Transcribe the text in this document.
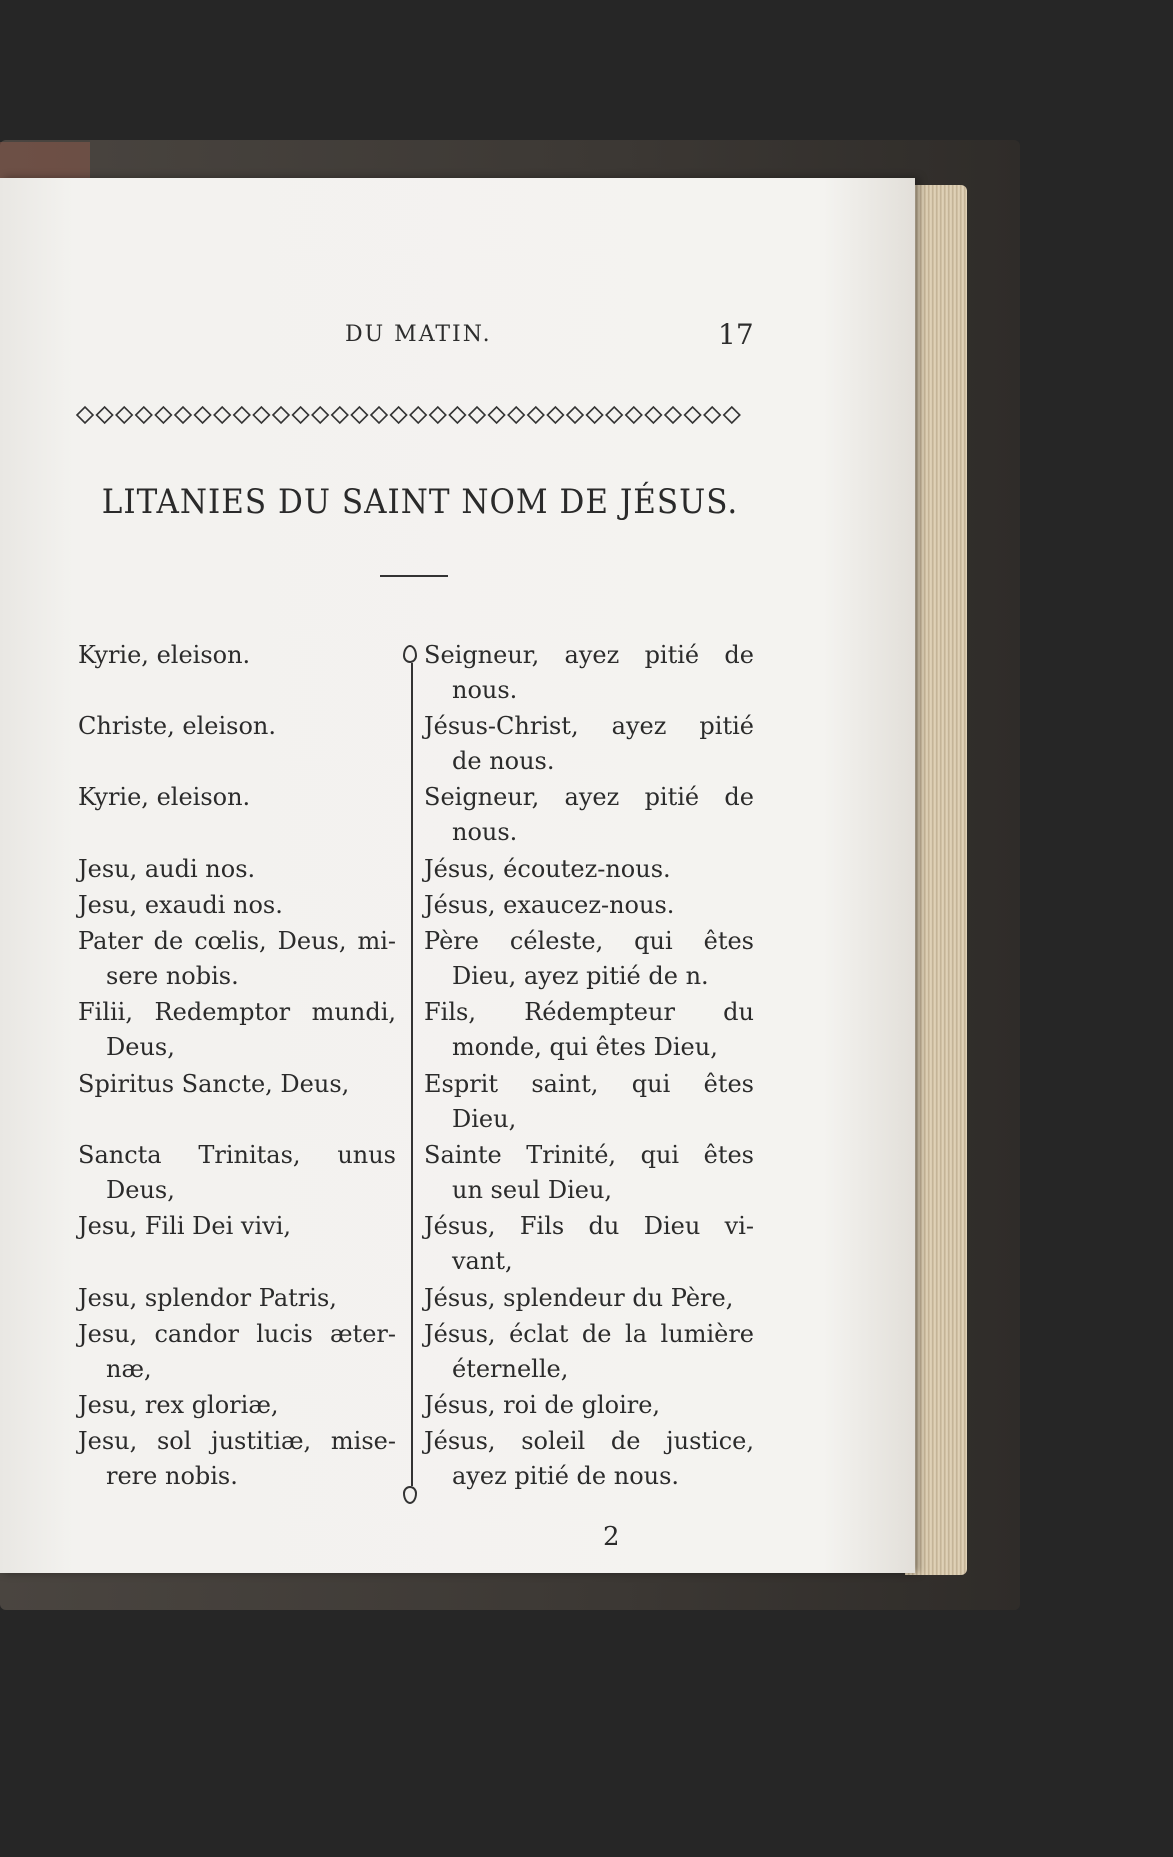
DU MATIN.	17
LITANIES DU SAINT NOM DE JÉSUS.
Kyrie, eleison.
Christe, eleison.
Kyrie, eleison.
Jesu, audi nos.
Jesu, exaudi nos.
Pater de cœlis, Deus, mi-
sere nobis.
Filii, Redemptor mundi,
Deus,
Spiritus Sancte, Deus,
Sancta Trinitas, unus
Deus,
Jesu, Fili Dei vivi,
Jesu, splendor Patris,
Jesu, candor lucis æter-
næ,
Jesu, rex gloriæ,
Jesu, sol justitiæ, mise-
rere nobis.
Seigneur, ayez pitié de
nous.
Jésus-Christ, ayez pitié
de nous.
Seigneur, ayez pitié de
nous.
Jésus, écoutez-nous.
Jésus, exaucez-nous.
Père céleste, qui êtes
Dieu, ayez pitié de n.
Fils, Rédempteur du
monde, qui êtes Dieu,
Esprit saint, qui êtes
Dieu,
Sainte Trinité, qui êtes
un seul Dieu,
Jésus, Fils du Dieu vi-
vant,
Jésus, splendeur du Père,
Jésus, éclat de la lumière
éternelle,
Jésus, roi de gloire,
Jésus, soleil de justice,
ayez pitié de nous.
2
